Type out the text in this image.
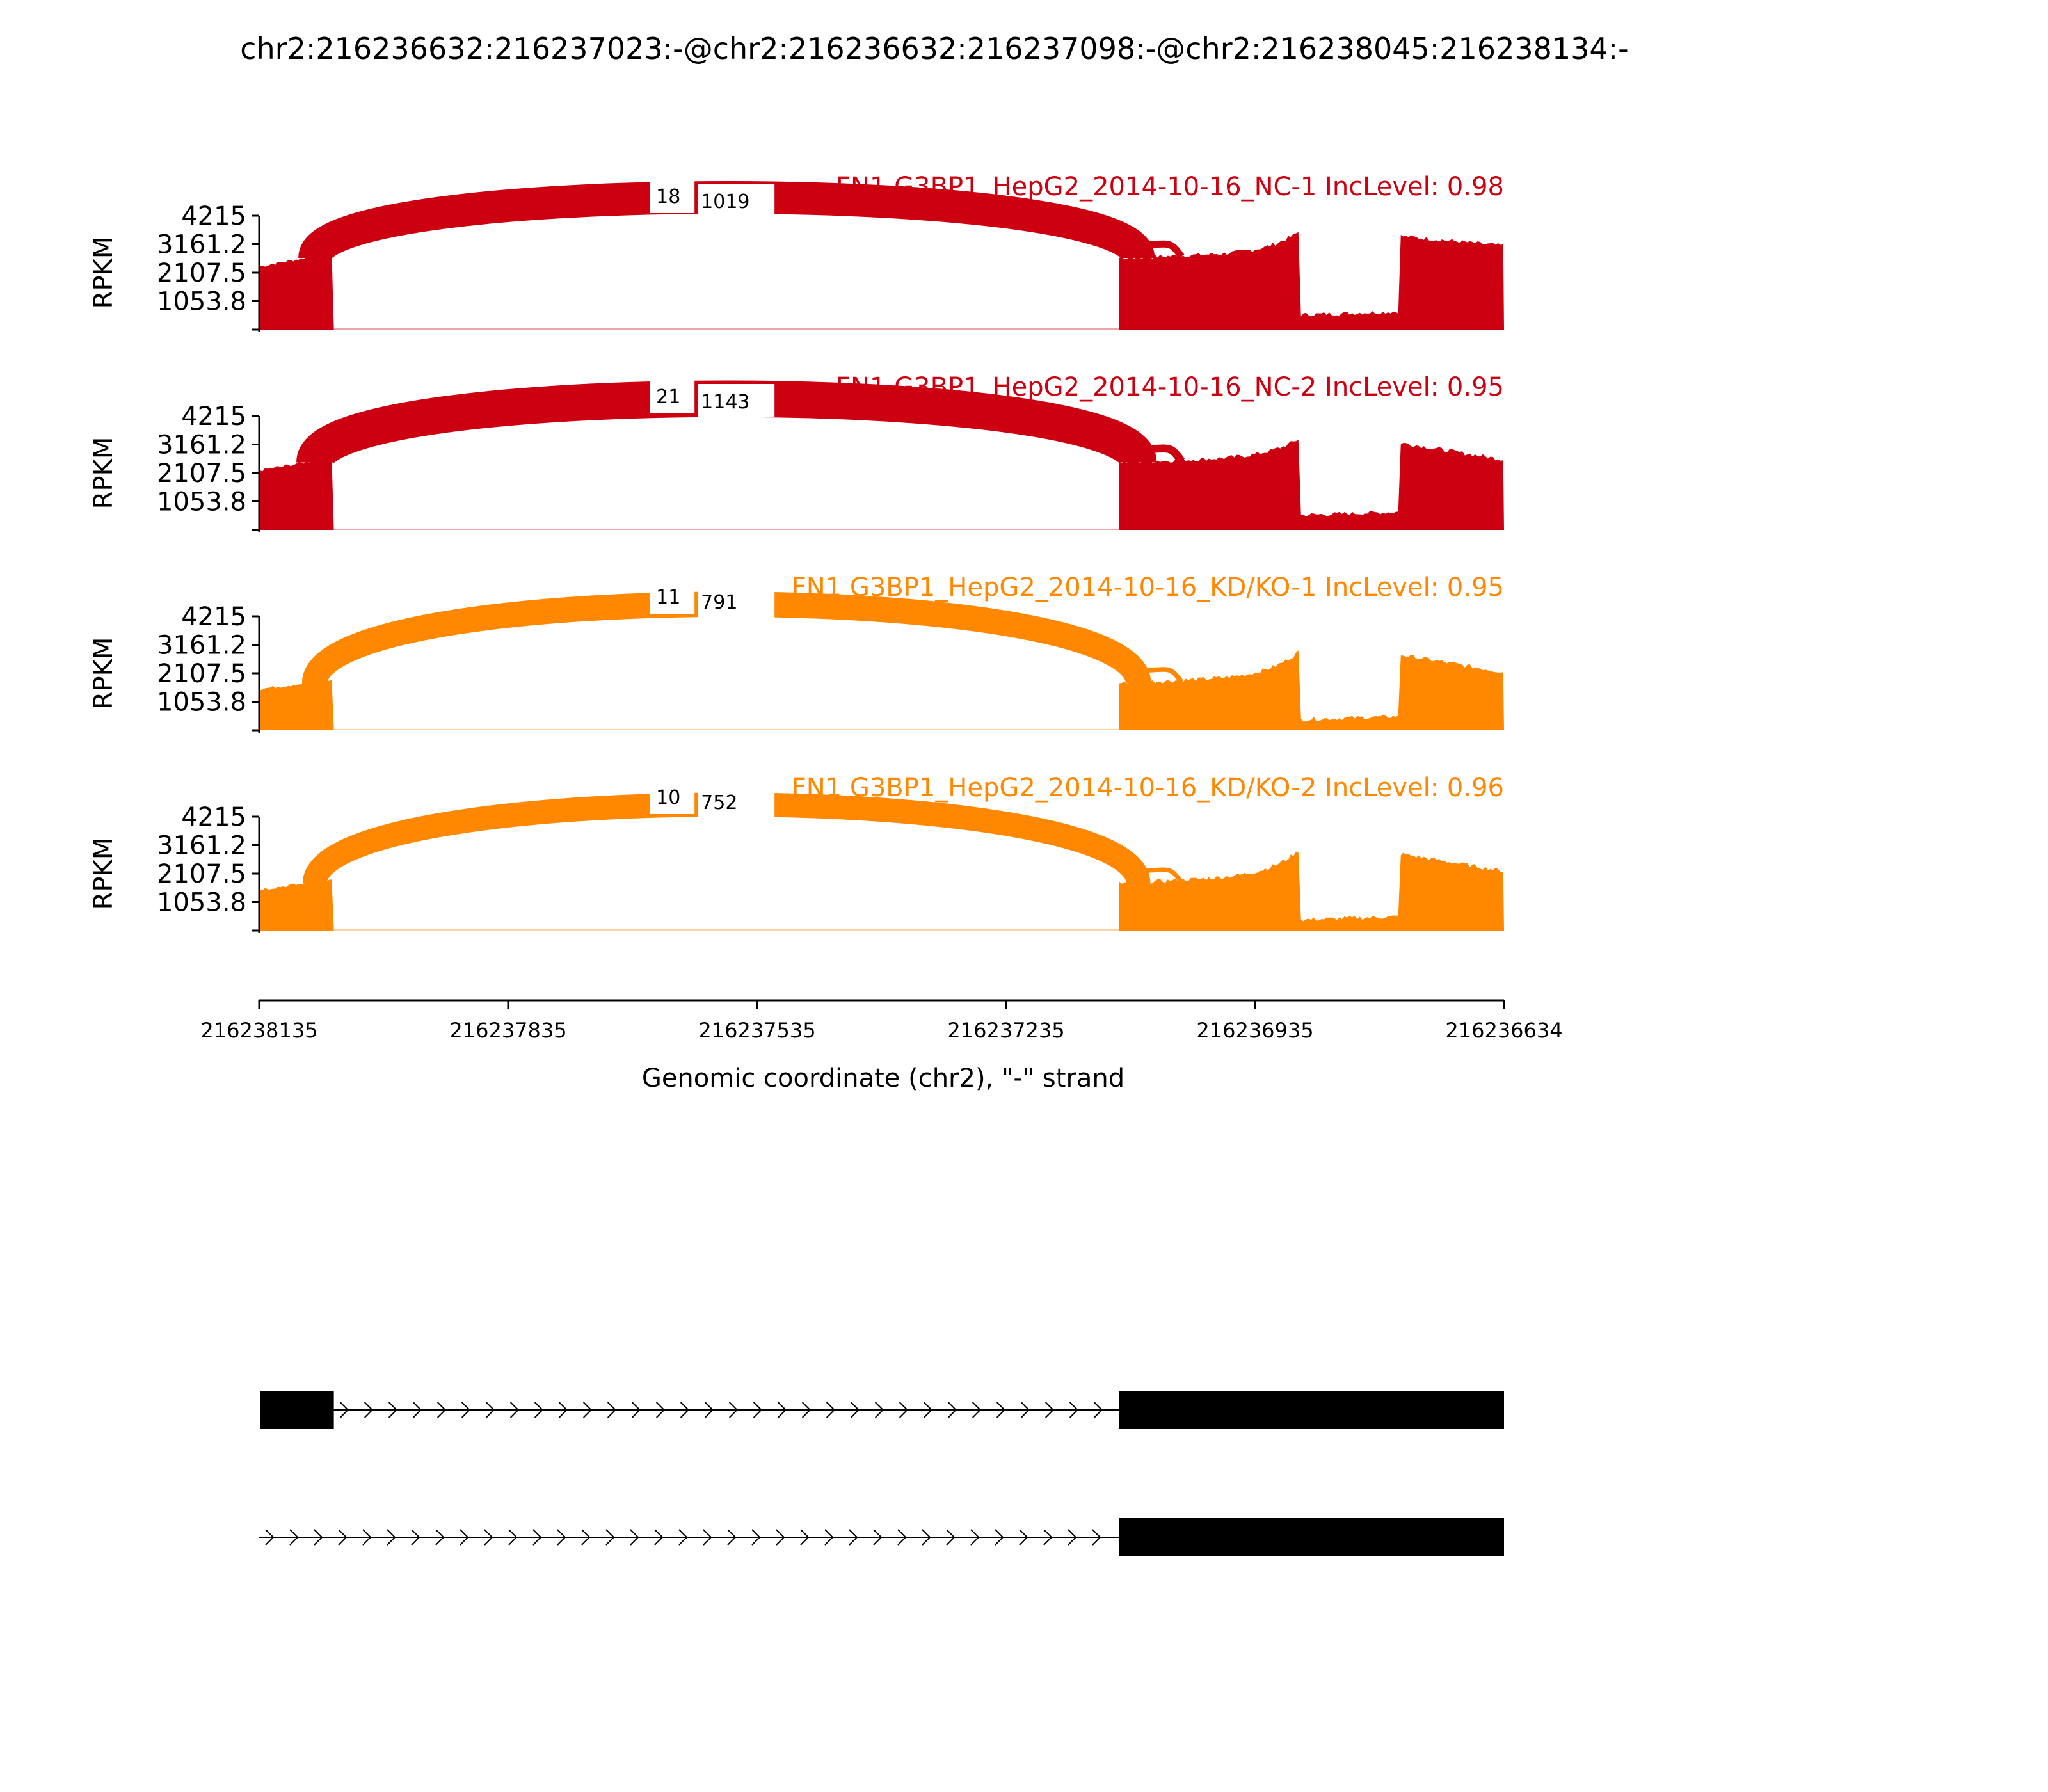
chr2:216236632:216237023:-@chr2:216236632:216237098:-@chr2:216238045:216238134:-
4215
3161.2
2107.5
1053.8
RPKM
18 1019
FN1 G3BP1_HepG2_2014-10-16_NC-1 IncLevel: 0.98
4215
3161.2
2107.5
1053.8
RPKM
21 1143
FN1 G3BP1_HepG2_2014-10-16_NC-2 IncLevel: 0.95
4215
3161.2
2107.5
1053.8
RPKM
11 791
FN1 G3BP1_HepG2_2014-10-16_KD/KO-1 IncLevel: 0.95
4215
3161.2
2107.5
1053.8
RPKM
10 752
FN1 G3BP1_HepG2_2014-10-16_KD/KO-2 IncLevel: 0.96
Genomic coordinate (chr2), "-" strand
216238135	216237835	216237535	216237235	216236935	216236634
